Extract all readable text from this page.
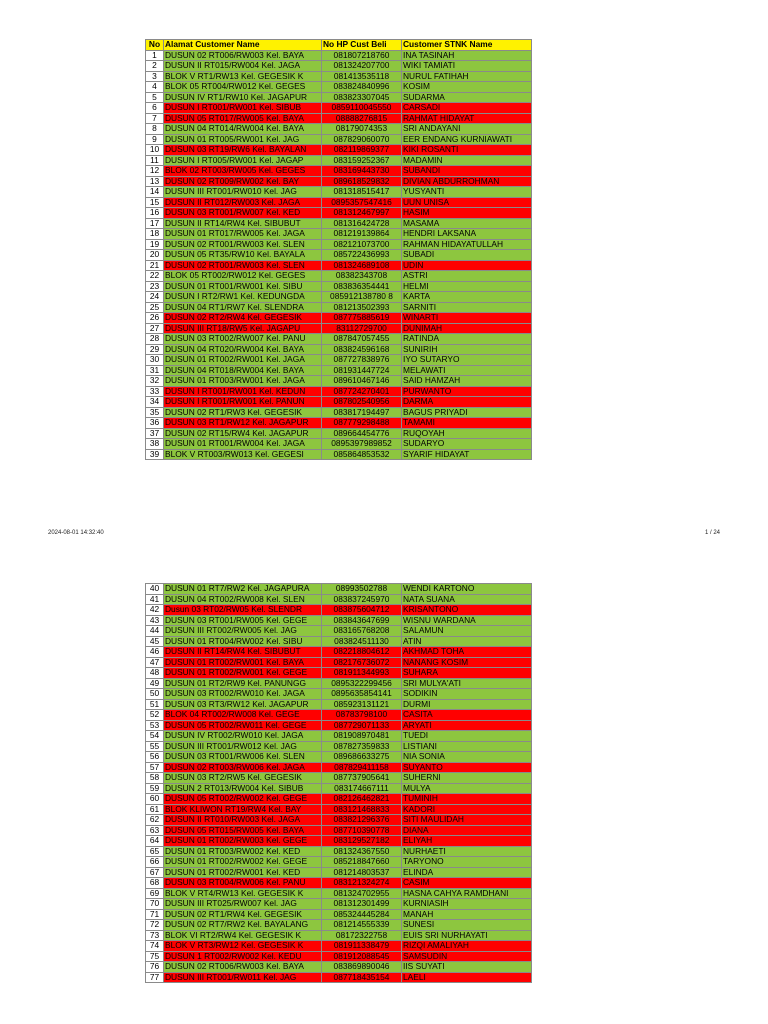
No	Alamat Customer Name	No HP Cust Beli	Customer STNK Name
1	DUSUN 02 RT006/RW003 Kel. BAYA	081807218760	INA TASINAH
2	DUSUN II RT015/RW004 Kel. JAGA	081324207700	WIKI TAMIATI
3	BLOK V RT1/RW13 Kel. GEGESIK K	081413535118	NURUL FATIHAH
4	BLOK 05 RT004/RW012 Kel. GEGES	083824840996	KOSIM
5	DUSUN IV RT1/RW10 Kel. JAGAPUR	083823307045	SUDARMA
6	DUSUN I RT001/RW001 Kel. SIBUB	0859110045550	CARSADI
7	DUSUN 05 RT017/RW005 Kel. BAYA	08888276815	RAHMAT HIDAYAT
8	DUSUN 04 RT014/RW004 Kel. BAYA	08179074353	SRI ANDAYANI
9	DUSUN 01 RT005/RW001 Kel. JAG	087829060070	EER ENDANG KURNIAWATI
10	DUSUN 03 RT19/RW6 Kel. BAYALAN	082119869377	KIKI ROSANTI
11	DUSUN I RT005/RW001 Kel. JAGAP	083159252367	MADAMIN
12	BLOK 02 RT003/RW005 Kel. GEGES	083169443730	SUBANDI
13	DUSUN 02 RT009/RW002 Kel. BAY	089618529832	DIVIAN ABDURROHMAN
14	DUSUN III RT001/RW010 Kel. JAG	081318515417	YUSYANTI
15	DUSUN II RT012/RW003 Kel. JAGA	0895357547416	UUN UNISA
16	DUSUN 03 RT001/RW007 Kel. KED	081312467997	HASIM
17	DUSUN II RT14/RW4 Kel. SIBUBUT	081316424728	MASAMA
18	DUSUN 01 RT017/RW005 Kel. JAGA	081219139864	HENDRI LAKSANA
19	DUSUN 02 RT001/RW003 Kel. SLEN	082121073700	RAHMAN HIDAYATULLAH
20	DUSUN 05 RT35/RW10 Kel. BAYALA	085722436993	SUBADI
21	DUSUN 02 RT001/RW003 Kel. SLEN	081324689108	UDIN
22	BLOK 05 RT002/RW012 Kel. GEGES	08382343708	ASTRI
23	DUSUN 01 RT001/RW001 Kel. SIBU	083836354441	HELMI
24	DUSUN I RT2/RW1 Kel. KEDUNGDA	085912138780 8	KARTA
25	DUSUN 04 RT1/RW7 Kel. SLENDRA	081213502393	SARNITI
26	DUSUN 02 RT2/RW4 Kel. GEGESIK	087775885619	WINARTI
27	DUSUN III RT18/RW5 Kel. JAGAPU	83112729700	DUNIMAH
28	DUSUN 03 RT002/RW007 Kel. PANU	087847057455	RATINDA
29	DUSUN 04 RT020/RW004 Kel. BAYA	083824596168	SUNIRIH
30	DUSUN 01 RT002/RW001 Kel. JAGA	087727838976	IYO SUTARYO
31	DUSUN 04 RT018/RW004 Kel. BAYA	081931447724	MELAWATI
32	DUSUN 01 RT003/RW001 Kel. JAGA	089610467146	SAID HAMZAH
33	DUSUN I RT001/RW001 Kel. KEDUN	087724270401	PURWANTO
34	DUSUN I RT001/RW001 Kel. PANUN	087802540956	DARMA
35	DUSUN 02 RT1/RW3 Kel. GEGESIK	083817194497	BAGUS PRIYADI
36	DUSUN 03 RT1/RW12 Kel. JAGAPUR	087779298488	TAMAMI
37	DUSUN 02 RT15/RW4 Kel. JAGAPUR	089664454776	RUQOYAH
38	DUSUN 01 RT001/RW004 Kel. JAGA	0895397989852	SUDARYO
39	BLOK V RT003/RW013 Kel. GEGESI	085864853532	SYARIF HIDAYAT
2024-08-01 14:32:40	1 / 24
40	DUSUN 01 RT7/RW2 Kel. JAGAPURA	08993502788	WENDI KARTONO
41	DUSUN 04 RT002/RW008 Kel. SLEN	083837245970	NATA SUANA
42	Dusun 03 RT02/RW05 Kel. SLENDR	083875604712	KRISANTONO
43	DUSUN 03 RT001/RW005 Kel. GEGE	083843647699	WISNU WARDANA
44	DUSUN III RT002/RW005 Kel. JAG	083165768208	SALAMUN
45	DUSUN 01 RT004/RW002 Kel. SIBU	083824511130	ATIN
46	DUSUN II RT14/RW4 Kel. SIBUBUT	082218804612	AKHMAD TOHA
47	DUSUN 01 RT002/RW001 Kel. BAYA	082176736072	NANANG KOSIM
48	DUSUN 01 RT002/RW001 Kel. GEGE	081911344993	SUHARA
49	DUSUN 01 RT2/RW9 Kel. PANUNGG	0895322299456	SRI MULYA'ATI
50	DUSUN 03 RT002/RW010 Kel. JAGA	0895635854141	SODIKIN
51	DUSUN 03 RT3/RW12 Kel. JAGAPUR	085923131121	DURMI
52	BLOK 04 RT002/RW008 Kel. GEGE	08783798100	CASITA
53	DUSUN 05 RT002/RW011 Kel. GEGE	087729071133	ARYATI
54	DUSUN IV RT002/RW010 Kel. JAGA	081908970481	TUEDI
55	DUSUN III RT001/RW012 Kel. JAG	087827359833	LISTIANI
56	DUSUN 03 RT001/RW006 Kel. SLEN	089686633275	NIA SONIA
57	DUSUN 02 RT003/RW006 Kel. JAGA	087829411158	SUYANTO
58	DUSUN 03 RT2/RW5 Kel. GEGESIK	087737905641	SUHERNI
59	DUSUN 2 RT013/RW004 Kel. SIBUB	083174667111	MULYA
60	DUSUN 05 RT002/RW002 Kel. GEGE	082126462821	TUMINIH
61	BLOK KLIWON RT19/RW4 Kel. BAY	083121468833	KADORI
62	DUSUN II RT010/RW003 Kel. JAGA	083821296376	SITI MAULIDAH
63	DUSUN 05 RT015/RW005 Kel. BAYA	087710390778	DIANA
64	DUSUN 01 RT002/RW003 Kel. GEGE	083129527182	ELIYAH
65	DUSUN 01 RT003/RW002 Kel. KED	081324367550	NURHAETI
66	DUSUN 01 RT002/RW002 Kel. GEGE	085218847660	TARYONO
67	DUSUN 01 RT002/RW001 Kel. KED	081214803537	ELINDA
68	DUSUN 03 RT004/RW006 Kel. PANU	083121324274	CASIM
69	BLOK V RT4/RW13 Kel. GEGESIK K	081324702955	HASNA CAHYA RAMDHANI
70	DUSUN III RT025/RW007 Kel. JAG	081312301499	KURNIASIH
71	DUSUN 02 RT1/RW4 Kel. GEGESIK	085324445284	MANAH
72	DUSUN 02 RT7/RW2 Kel. BAYALANG	081214555339	SUNESI
73	BLOK VI RT2/RW4 Kel. GEGESIK K	08172322758	EUIS SRI NURHAYATI
74	BLOK V RT3/RW12 Kel. GEGESIK K	081911338479	RIZQI AMALIYAH
75	DUSUN 1 RT002/RW002 Kel. KEDU	081912088545	SAMSUDIN
76	DUSUN 02 RT006/RW003 Kel. BAYA	083869890046	IIS SUYATI
77	DUSUN III RT001/RW011 Kel. JAG	087718435154	LAELI
